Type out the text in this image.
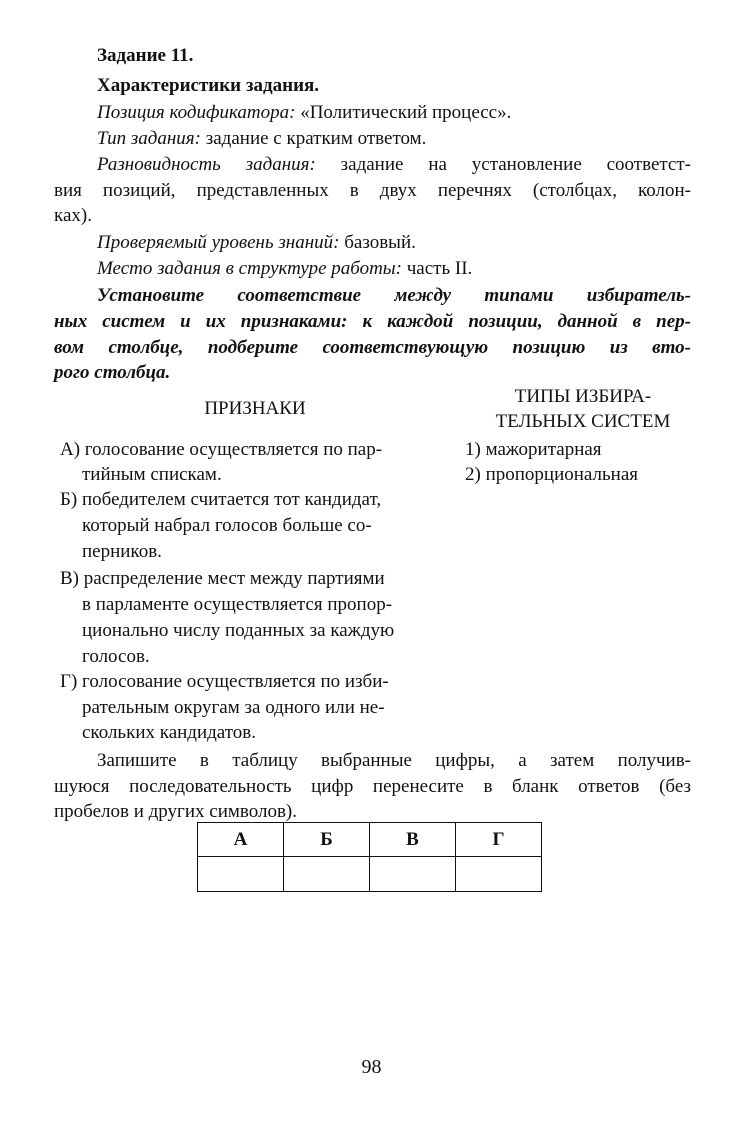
Задание 11.
Характеристики задания.
Позиция кодификатора: «Политический процесс».
Тип задания: задание с кратким ответом.
Разновидность задания: задание на установление соответст-
вия позиций, представленных в двух перечнях (столбцах, колон-
ках).
Проверяемый уровень знаний: базовый.
Место задания в структуре работы: часть II.
Установите соответствие между типами избиратель-
ных систем и их признаками: к каждой позиции, данной в пер-
вом столбце, подберите соответствующую позицию из вто-
рого столбца.
ПРИЗНАКИ
ТИПЫ ИЗБИРА-
ТЕЛЬНЫХ СИСТЕМ
А) голосование осуществляется по пар-
тийным спискам.
Б) победителем считается тот кандидат,
который набрал голосов больше со-
перников.
В) распределение мест между партиями
в парламенте осуществляется пропор-
ционально числу поданных за каждую
голосов.
Г) голосование осуществляется по изби-
рательным округам за одного или не-
скольких кандидатов.
1) мажоритарная
2) пропорциональная
Запишите в таблицу выбранные цифры, а затем получив-
шуюся последовательность цифр перенесите в бланк ответов (без
пробелов и других символов).
А	Б	В	Г

98
